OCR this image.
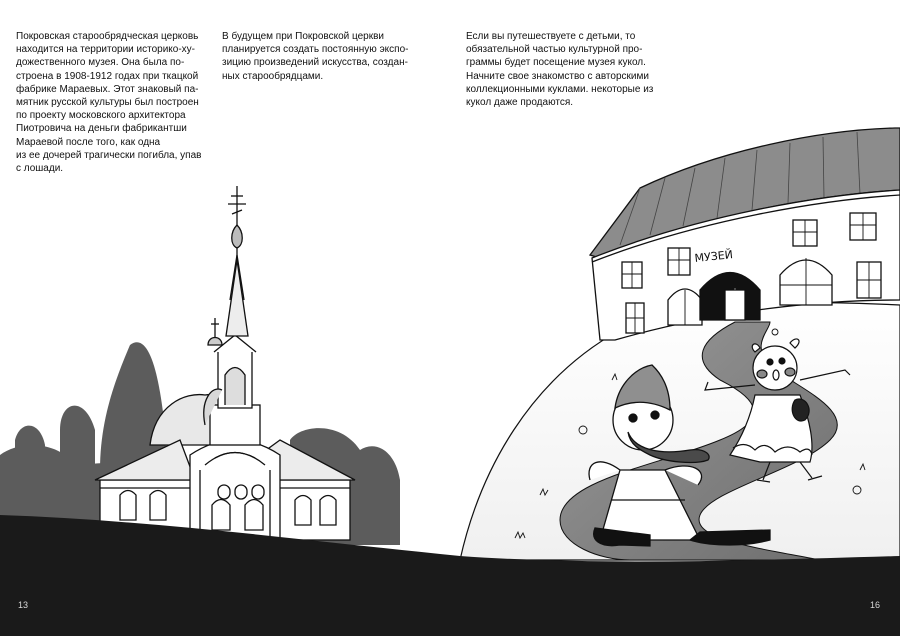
Покровская старообрядческая церковь
находится на территории историко-ху-
дожественного музея. Она была по-
строена в 1908-1912 годах при ткацкой
фабрике Мараевых. Этот знаковый па-
мятник русской культуры был построен
по проекту московского архитектора
Пиотровича на деньги фабрикантши
Мараевой после того, как одна
из ее дочерей трагически погибла, упав
с лошади.

В будущем при Покровской церкви
планируется создать постоянную экспо-
зицию произведений искусства, создан-
ных старообрядцами.

Если вы путешествуете с детьми, то
обязательной частью культурной про-
граммы будет посещение музея кукол.
Начните свое знакомство с авторскими
коллекционными куклами. некоторые из
кукол даже продаются.

МУЗЕЙ
13	16
